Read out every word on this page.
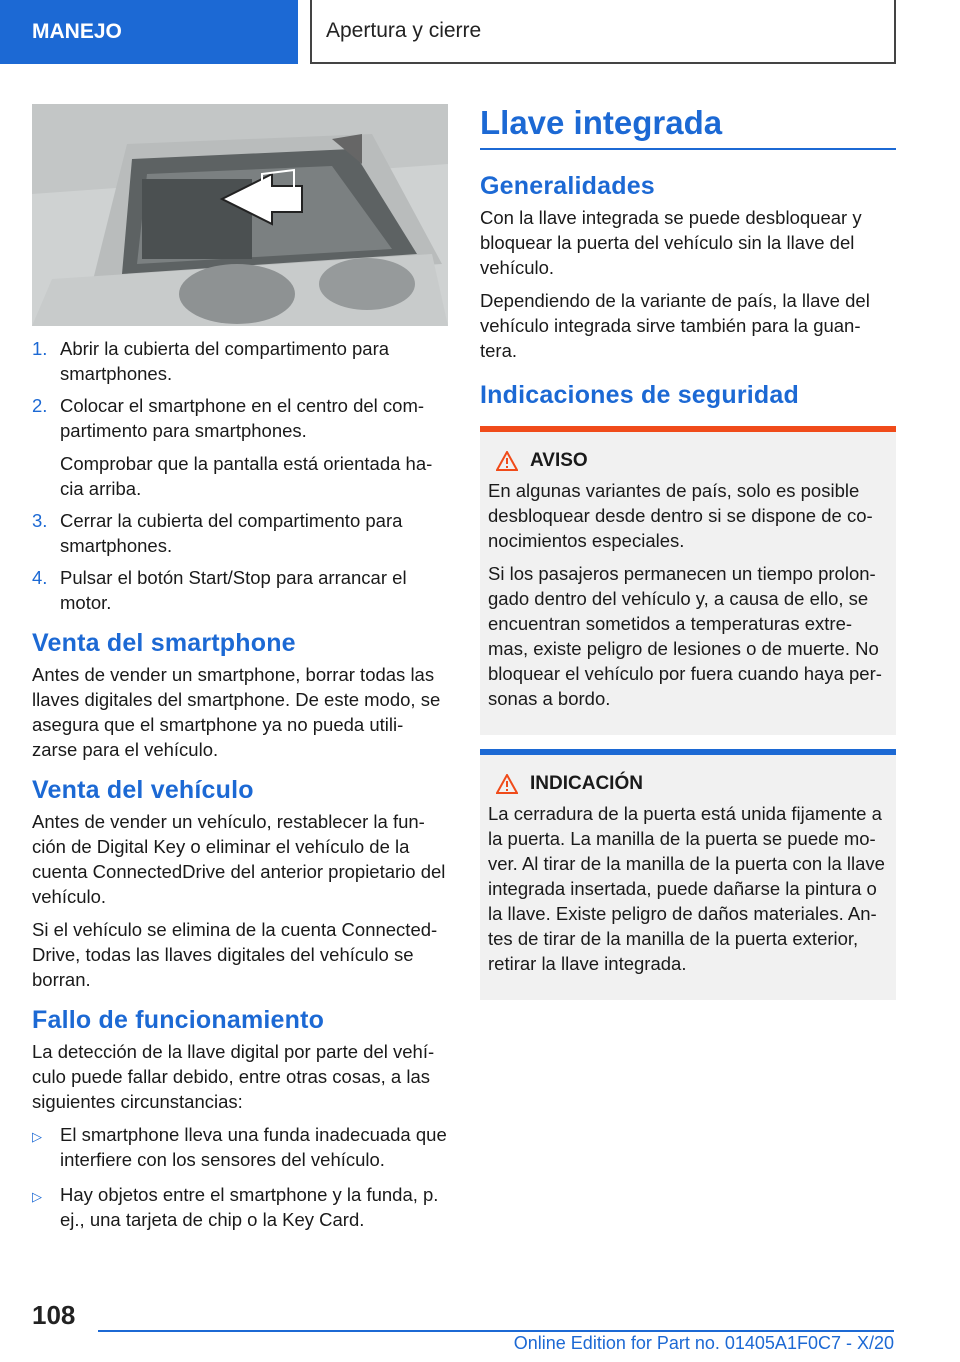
MANEJO	Apertura y cierre
1. Abrir la cubierta del compartimento para smartphones.

2. Colocar el smartphone en el centro del com-partimento para smartphones.

Comprobar que la pantalla está orientada ha-cia arriba.

3. Cerrar la cubierta del compartimento para smartphones.

4. Pulsar el botón Start/Stop para arrancar el motor.

Venta del smartphone

Antes de vender un smartphone, borrar todas las llaves digitales del smartphone. De este modo, se asegura que el smartphone ya no pueda utili-zarse para el vehículo.

Venta del vehículo

Antes de vender un vehículo, restablecer la fun-ción de Digital Key o eliminar el vehículo de la cuenta ConnectedDrive del anterior propietario del vehículo.

Si el vehículo se elimina de la cuenta Connected-Drive, todas las llaves digitales del vehículo se borran.

Fallo de funcionamiento

La detección de la llave digital por parte del vehí-culo puede fallar debido, entre otras cosas, a las siguientes circunstancias:

▷ El smartphone lleva una funda inadecuada que interfiere con los sensores del vehículo.
▷ Hay objetos entre el smartphone y la funda, p. ej., una tarjeta de chip o la Key Card.
Llave integrada
Generalidades

Con la llave integrada se puede desbloquear y bloquear la puerta del vehículo sin la llave del vehículo.

Dependiendo de la variante de país, la llave del vehículo integrada sirve también para la guan-tera.

Indicaciones de seguridad
AVISO

En algunas variantes de país, solo es posible desbloquear desde dentro si se dispone de co-nocimientos especiales.

Si los pasajeros permanecen un tiempo prolon-gado dentro del vehículo y, a causa de ello, se encuentran sometidos a temperaturas extre-mas, existe peligro de lesiones o de muerte. No bloquear el vehículo por fuera cuando haya per-sonas a bordo.

INDICACIÓN

La cerradura de la puerta está unida fijamente a la puerta. La manilla de la puerta se puede mo-ver. Al tirar de la manilla de la puerta con la llave integrada insertada, puede dañarse la pintura o la llave. Existe peligro de daños materiales. An-tes de tirar de la manilla de la puerta exterior, retirar la llave integrada.

108
Online Edition for Part no. 01405A1F0C7 - X/20
